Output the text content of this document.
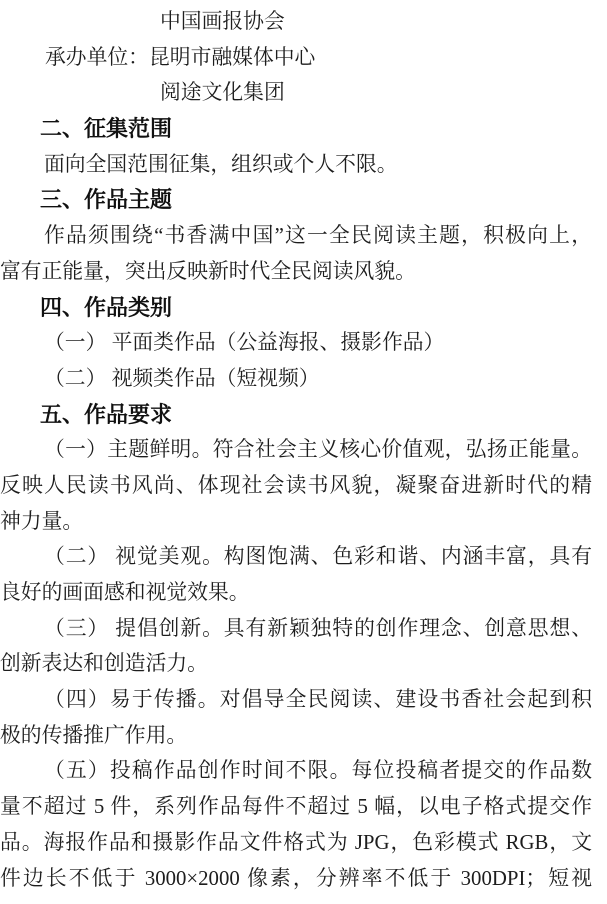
中国画报协会
承办单位：昆明市融媒体中心
阅途文化集团
二、征集范围
面向全国范围征集，组织或个人不限。
三、作品主题
作品须围绕“书香满中国”这一全民阅读主题，积极向上，
富有正能量，突出反映新时代全民阅读风貌。
四、作品类别
（一） 平面类作品（公益海报、摄影作品）
（二） 视频类作品（短视频）
五、作品要求
（一）主题鲜明。符合社会主义核心价值观，弘扬正能量。
反映人民读书风尚、体现社会读书风貌，凝聚奋进新时代的精
神力量。
（二） 视觉美观。构图饱满、色彩和谐、内涵丰富，具有
良好的画面感和视觉效果。
（三） 提倡创新。具有新颖独特的创作理念、创意思想、
创新表达和创造活力。
（四）易于传播。对倡导全民阅读、建设书香社会起到积
极的传播推广作用。
（五）投稿作品创作时间不限。每位投稿者提交的作品数
量不超过 5 件，系列作品每件不超过 5 幅，以电子格式提交作
品。海报作品和摄影作品文件格式为 JPG，色彩模式 RGB，文
件边长不低于 3000×2000 像素，分辨率不低于 300DPI；短视
